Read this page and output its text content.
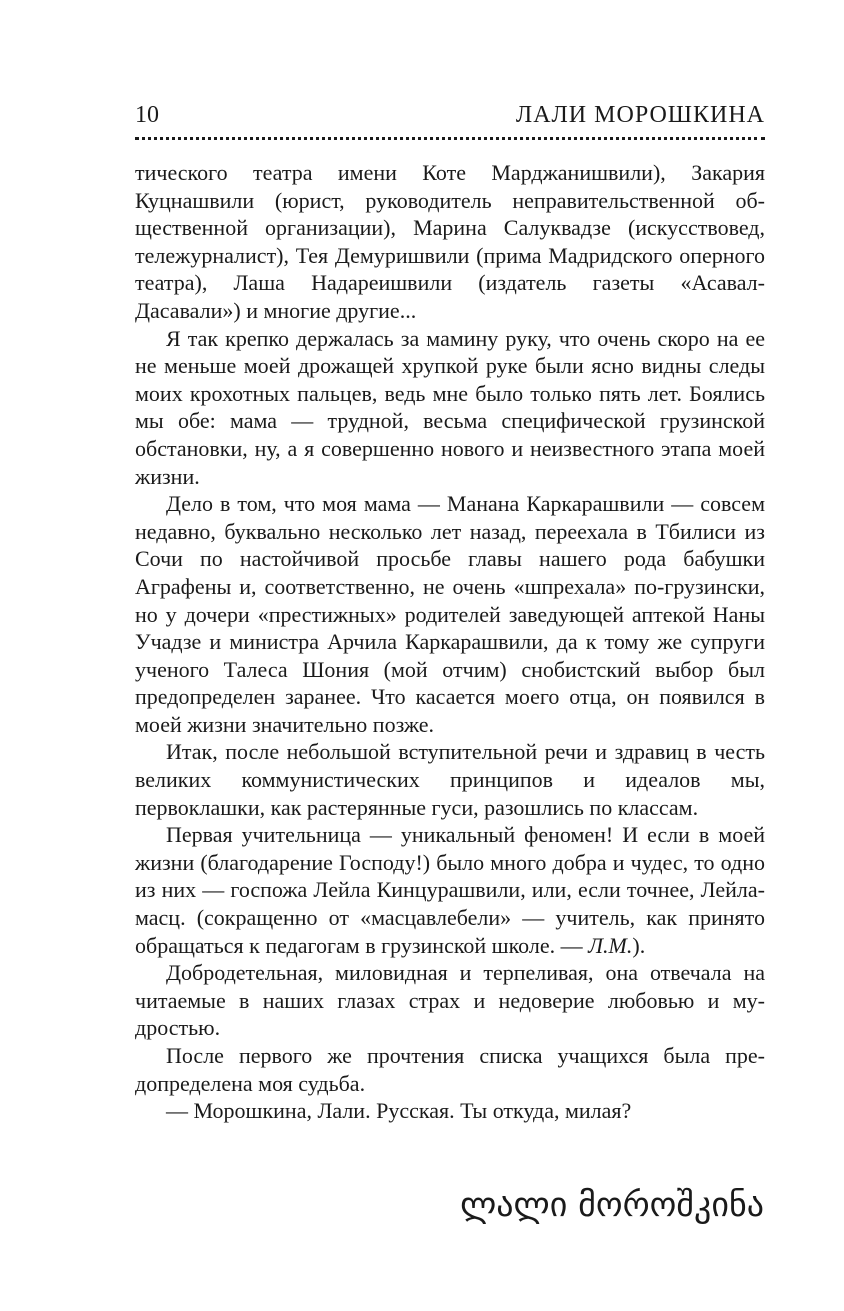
10	ЛАЛИ МОРОШКИНА

тического театра имени Коте Марджанишвили), Закария Куцнашвили (юрист, руководитель неправительственной общественной организации), Марина Салуквадзе (искусствовед, тележурналист), Тея Демуришвили (прима Мадридского оперного театра), Лаша Надареишвили (издатель газеты «Асавал-Дасавали») и многие другие...

Я так крепко держалась за мамину руку, что очень скоро на ее не меньше моей дрожащей хрупкой руке были ясно видны следы моих крохотных пальцев, ведь мне было только пять лет. Боялись мы обе: мама — трудной, весьма специфической грузинской обстановки, ну, а я совершенно нового и неизвестного этапа моей жизни.

Дело в том, что моя мама — Манана Каркарашвили — совсем недавно, буквально несколько лет назад, переехала в Тбилиси из Сочи по настойчивой просьбе главы нашего рода бабушки Аграфены и, соответственно, не очень «шпрехала» по-грузински, но у дочери «престижных» родителей заведующей аптекой Наны Учадзе и министра Арчила Каркарашвили, да к тому же супруги ученого Талеса Шония (мой отчим) снобистский выбор был предопределен заранее. Что касается моего отца, он появился в моей жизни значительно позже.

Итак, после небольшой вступительной речи и здравиц в честь великих коммунистических принципов и идеалов мы, первоклашки, как растерянные гуси, разошлись по классам.

Первая учительница — уникальный феномен! И если в моей жизни (благодарение Господу!) было много добра и чудес, то одно из них — госпожа Лейла Кинцурашвили, или, если точнее, Лейла-масц. (сокращенно от «масцавлебели» — учитель, как принято обращаться к педагогам в грузинской школе. — Л.М.).

Добродетельная, миловидная и терпеливая, она отвечала на читаемые в наших глазах страх и недоверие любовью и мудростью.

После первого же прочтения списка учащихся была предопределена моя судьба.

— Морошкина, Лали. Русская. Ты откуда, милая?

ლალი მოროშკინა
